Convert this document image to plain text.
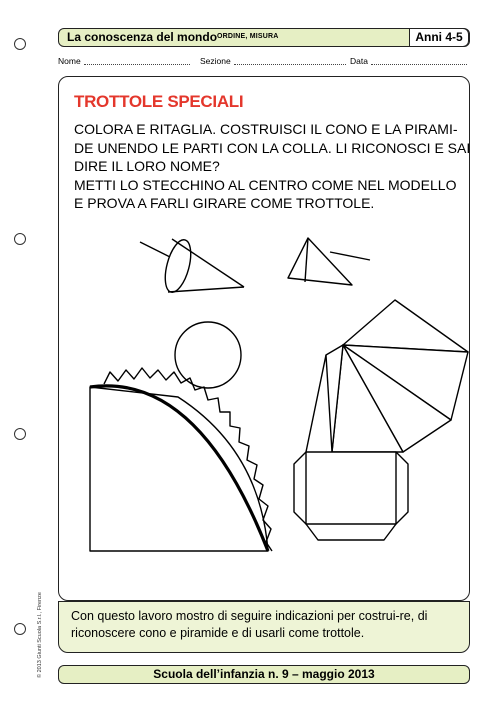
La conoscenza del mondo ORDINE, MISURA	Anni 4-5
Nome	Sezione	Data
TROTTOLE SPECIALI
COLORA E RITAGLIA. COSTRUISCI IL CONO E LA PIRAMI-
DE UNENDO LE PARTI CON LA COLLA. LI RICONOSCI E SAI
DIRE IL LORO NOME?
METTI LO STECCHINO AL CENTRO COME NEL MODELLO
E PROVA A FARLI GIRARE COME TROTTOLE.
Con questo lavoro mostro di seguire indicazioni per costrui-re, di riconoscere cono e piramide e di usarli come trottole.
Scuola dell’infanzia n. 9 – maggio 2013
© 2013 Giunti Scuola S.r.l., Firenze
